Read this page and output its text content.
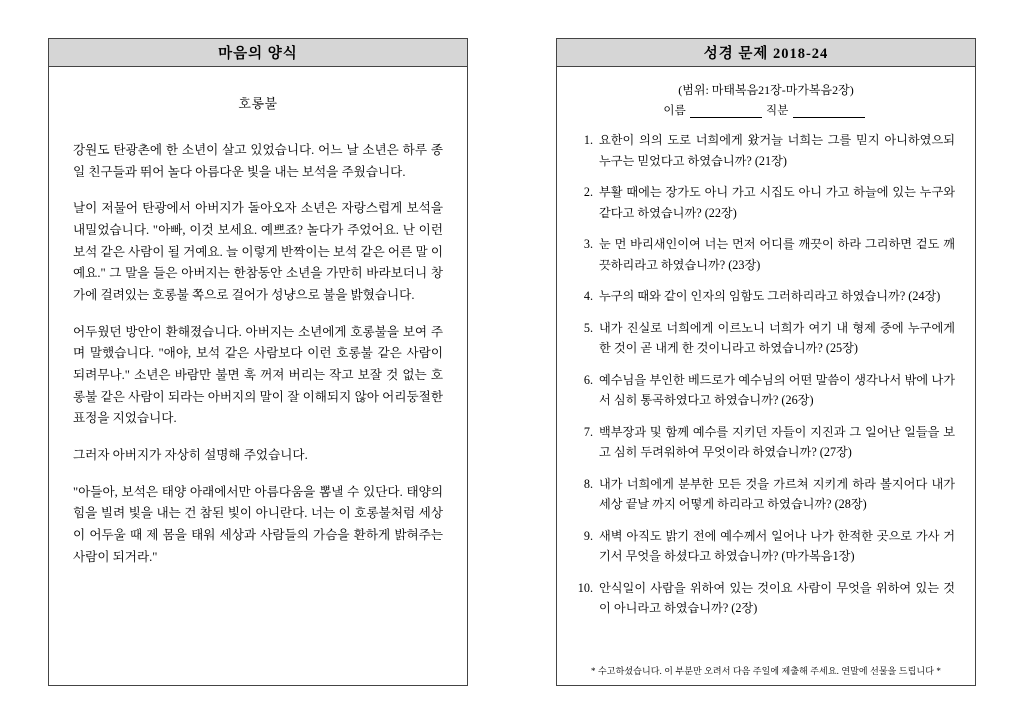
마음의 양식
호롱불

강원도 탄광촌에 한 소년이 살고 있었습니다. 어느 날 소년은 하루 종일 친구들과 뛰어 놀다 아름다운 빛을 내는 보석을 주웠습니다.

날이 저물어 탄광에서 아버지가 돌아오자 소년은 자랑스럽게 보석을 내밀었습니다. "아빠, 이것 보세요. 예쁘죠? 놀다가 주었어요. 난 이런 보석 같은 사람이 될 거예요. 늘 이렇게 반짝이는 보석 같은 어른 말 이예요." 그 말을 들은 아버지는 한참동안 소년을 가만히 바라보더니 창가에 걸려있는 호롱불 쪽으로 걸어가 성냥으로 불을 밝혔습니다.

어두웠던 방안이 환해졌습니다. 아버지는 소년에게 호롱불을 보여 주며 말했습니다. "애야, 보석 같은 사람보다 이런 호롱불 같은 사람이 되려무나." 소년은 바람만 불면 훅 꺼져 버리는 작고 보잘 것 없는 호롱불 같은 사람이 되라는 아버지의 말이 잘 이해되지 않아 어리둥절한 표정을 지었습니다.

그러자 아버지가 자상히 설명해 주었습니다.

"아들아, 보석은 태양 아래에서만 아름다움을 뽐낼 수 있단다. 태양의 힘을 빌려 빛을 내는 건 참된 빛이 아니란다. 너는 이 호롱불처럼 세상이 어두울 때 제 몸을 태워 세상과 사람들의 가슴을 환하게 밝혀주는 사람이 되거라."

성경 문제 2018-24
(범위: 마태복음21장-마가복음2장)
이름	직분
1. 요한이 의의 도로 너희에게 왔거늘 너희는 그를 믿지 아니하였으되 누구는 믿었다고 하였습니까? (21장)
2. 부활 때에는 장가도 아니 가고 시집도 아니 가고 하늘에 있는 누구와 같다고 하였습니까? (22장)
3. 눈 먼 바리새인이여 너는 먼저 어디를 깨끗이 하라 그리하면 겉도 깨끗하리라고 하였습니까? (23장)
4. 누구의 때와 같이 인자의 임함도 그러하리라고 하였습니까? (24장)
5. 내가 진실로 너희에게 이르노니 너희가 여기 내 형제 중에 누구에게 한 것이 곧 내게 한 것이니라고 하였습니까? (25장)
6. 예수님을 부인한 베드로가 예수님의 어떤 말씀이 생각나서 밖에 나가서 심히 통곡하였다고 하였습니까? (26장)
7. 백부장과 및 함께 예수를 지키던 자들이 지진과 그 일어난 일들을 보고 심히 두려워하여 무엇이라 하였습니까? (27장)
8. 내가 너희에게 분부한 모든 것을 가르쳐 지키게 하라 볼지어다 내가 세상 끝날 까지 어떻게 하리라고 하였습니까? (28장)
9. 새벽 아직도 밝기 전에 예수께서 일어나 나가 한적한 곳으로 가사 거기서 무엇을 하셨다고 하였습니까? (마가복음1장)
10. 안식일이 사람을 위하여 있는 것이요 사람이 무엇을 위하여 있는 것이 아니라고 하였습니까? (2장)
* 수고하셨습니다. 이 부분만 오려서 다음 주일에 제출해 주세요. 연말에 선물을 드립니다 *
